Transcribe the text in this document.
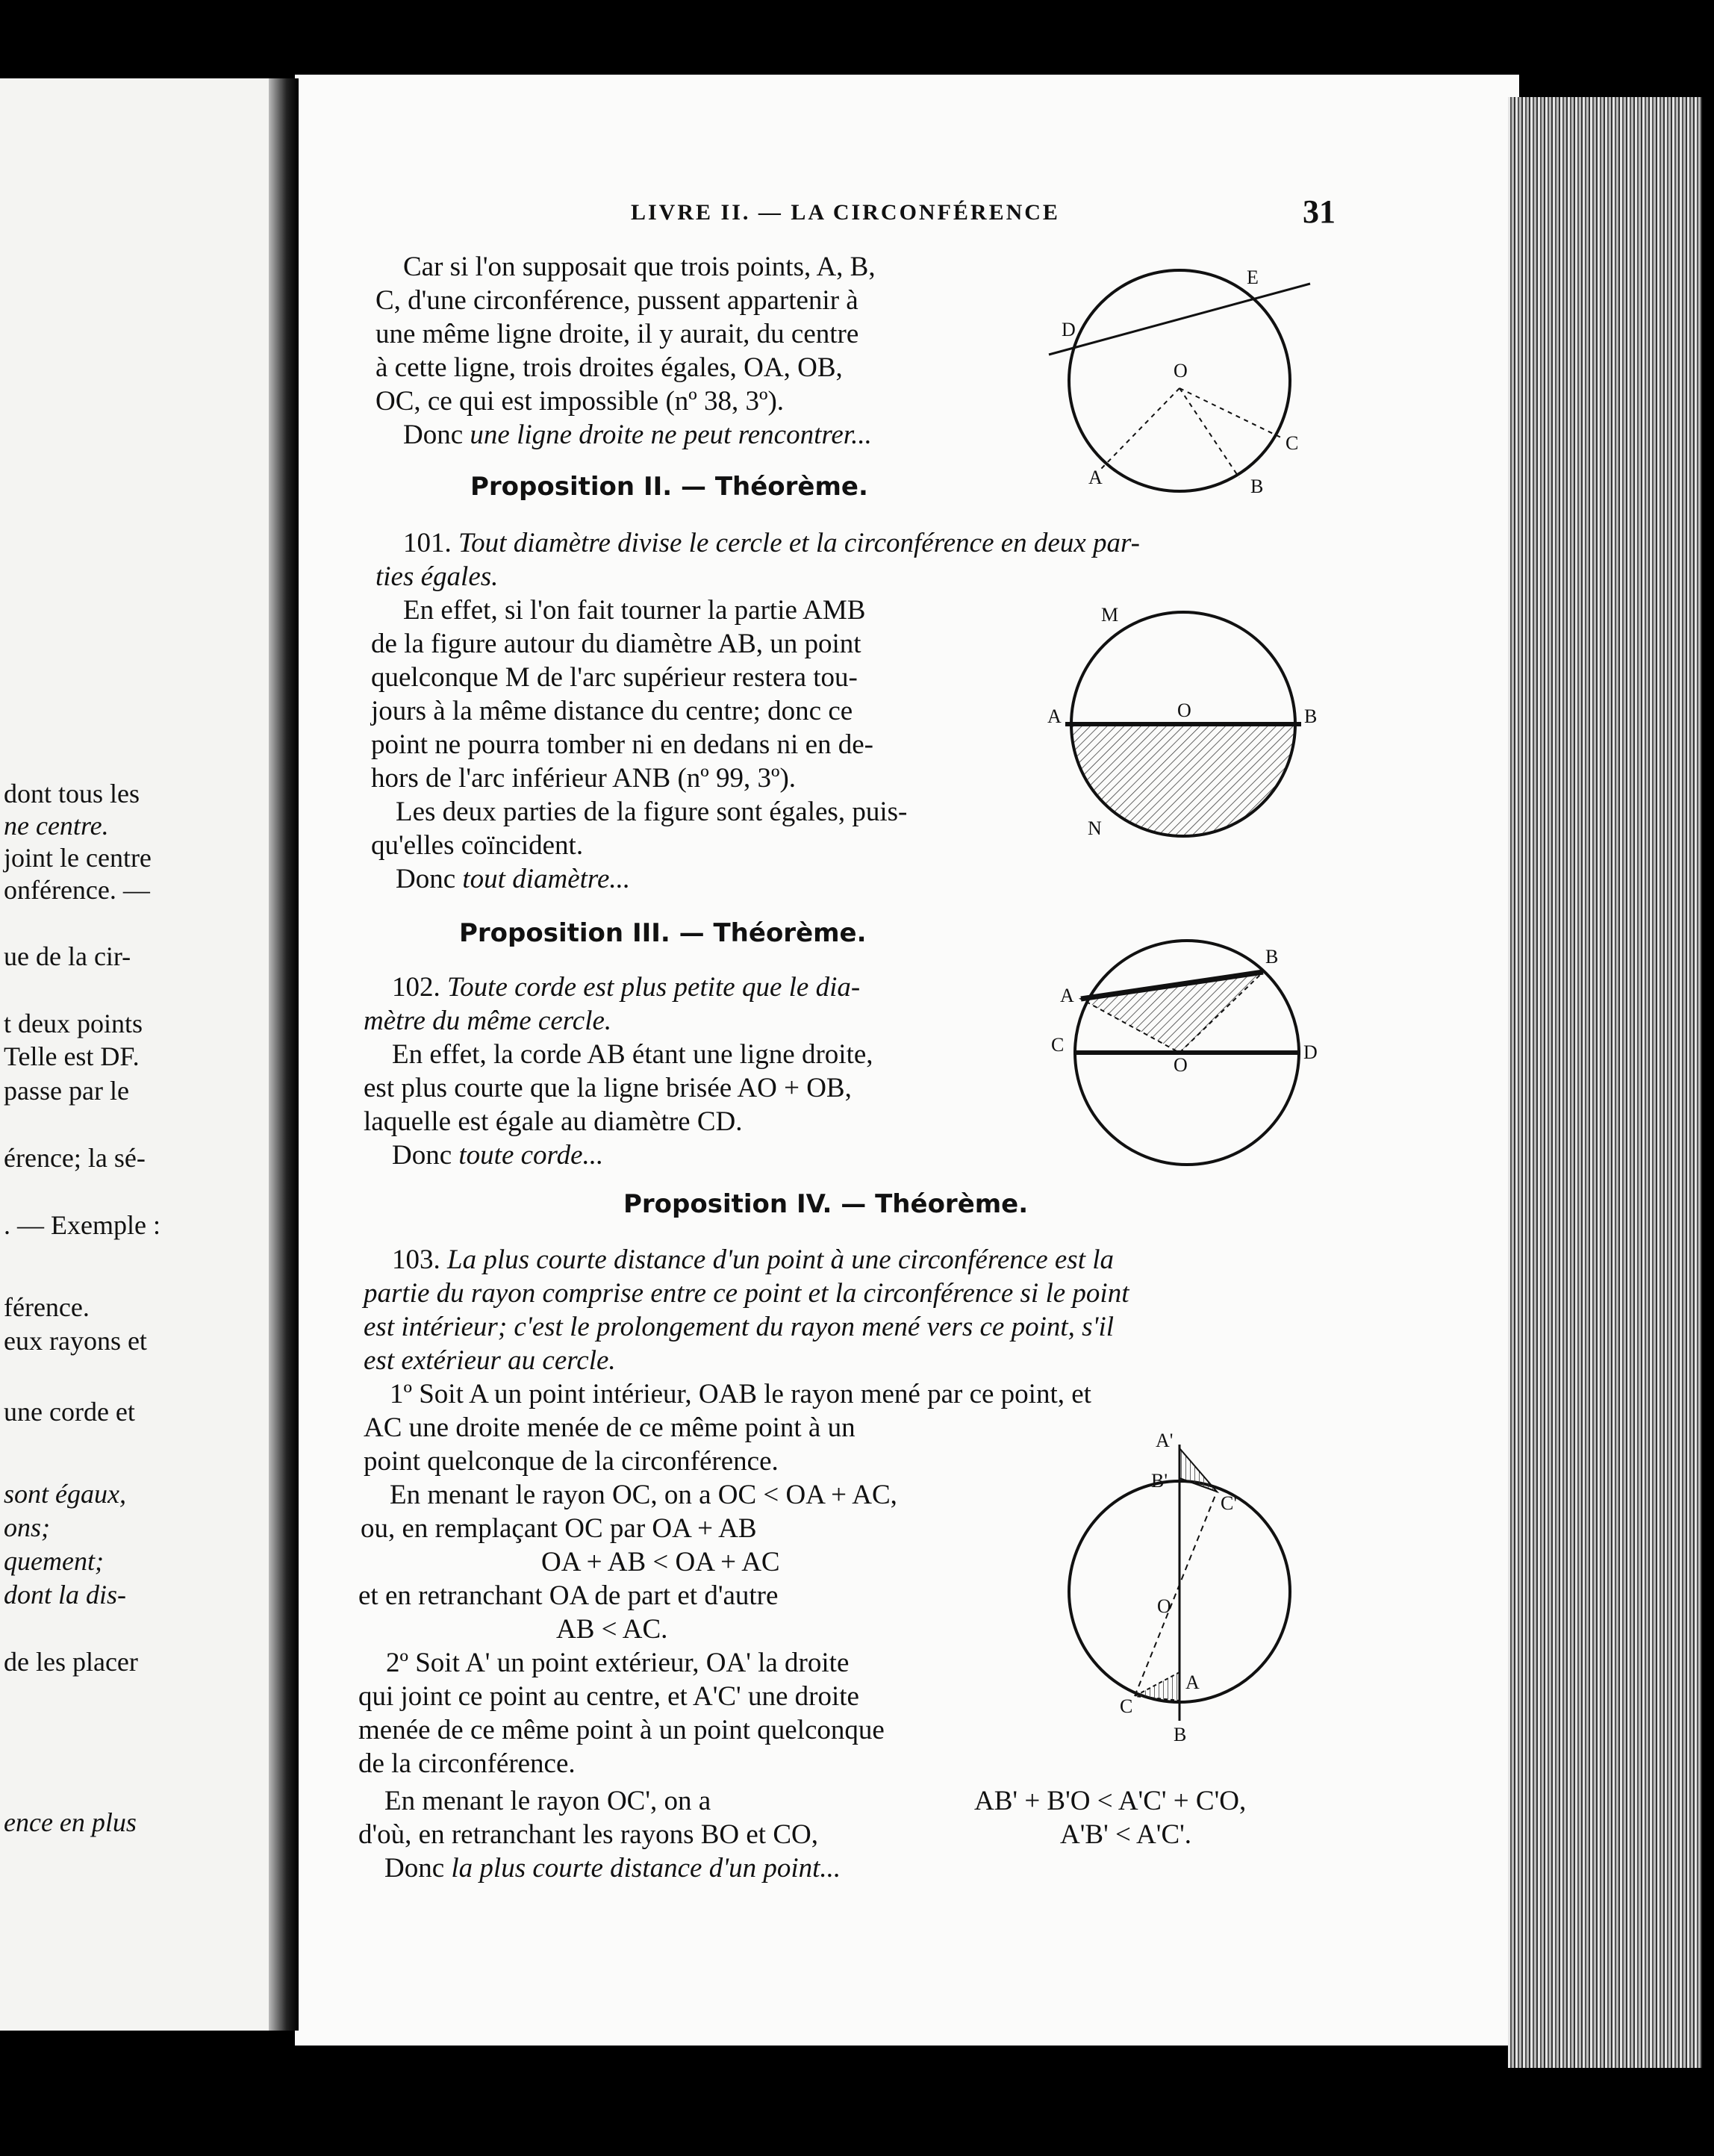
dont tous les
ne centre.
joint le centre
onférence. —
ue de la cir-
t deux points
Telle est DF.
passe par le
érence; la sé-
. — Exemple :
férence.
eux rayons et
une corde et
sont égaux,
ons;
quement;
dont la dis-
de les placer
ence en plus
LIVRE II. — LA CIRCONFÉRENCE	31
Car si l'on supposait que trois points, A, B,
C, d'une circonférence, pussent appartenir à
une même ligne droite, il y aurait, du centre
à cette ligne, trois droites égales, OA, OB,
OC, ce qui est impossible (nº 38, 3º).
Donc une ligne droite ne peut rencontrer...
D
E
O
C
A	B
Proposition II. — Théorème.
101. Tout diamètre divise le cercle et la circonférence en deux par-
ties égales.
En effet, si l'on fait tourner la partie AMB
de la figure autour du diamètre AB, un point
quelconque M de l'arc supérieur restera tou-
jours à la même distance du centre; donc ce
point ne pourra tomber ni en dedans ni en de-
hors de l'arc inférieur ANB (nº 99, 3º).
Les deux parties de la figure sont égales, puis-
qu'elles coïncident.
Donc tout diamètre...
M
A	O	B
N
Proposition III. — Théorème.
102. Toute corde est plus petite que le dia-
mètre du même cercle.
En effet, la corde AB étant une ligne droite,
est plus courte que la ligne brisée AO + OB,
laquelle est égale au diamètre CD.
Donc toute corde...
A
B
C	D
O
Proposition IV. — Théorème.
103. La plus courte distance d'un point à une circonférence est la
partie du rayon comprise entre ce point et la circonférence si le point
est intérieur; c'est le prolongement du rayon mené vers ce point, s'il
est extérieur au cercle.
1º Soit A un point intérieur, OAB le rayon mené par ce point, et
AC une droite menée de ce même point à un
point quelconque de la circonférence.
En menant le rayon OC, on a OC < OA + AC,
ou, en remplaçant OC par OA + AB
OA + AB < OA + AC
et en retranchant OA de part et d'autre
AB < AC.
2º Soit A' un point extérieur, OA' la droite
qui joint ce point au centre, et A'C' une droite
menée de ce même point à un point quelconque
de la circonférence.
En menant le rayon OC', on a	AB' + B'O < A'C' + C'O,
d'où, en retranchant les rayons BO et CO,	A'B' < A'C'.
Donc la plus courte distance d'un point...
A'
B'
C'
O
A
C
B
